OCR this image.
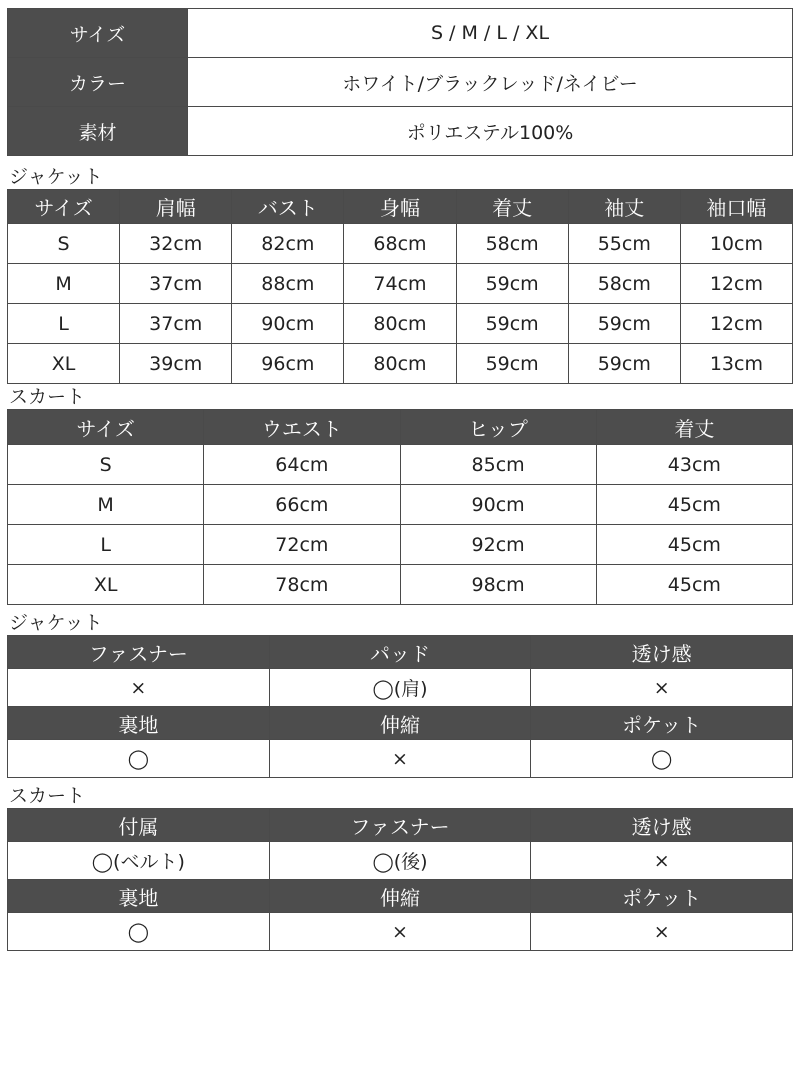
サイズ	S / M / L / XL
カラー	ホワイト/ブラックレッド/ネイビー
素材	ポリエステル100%
ジャケット
サイズ	肩幅	バスト	身幅	着丈	袖丈	袖口幅
S	32cm	82cm	68cm	58cm	55cm	10cm
M	37cm	88cm	74cm	59cm	58cm	12cm
L	37cm	90cm	80cm	59cm	59cm	12cm
XL	39cm	96cm	80cm	59cm	59cm	13cm
スカート
サイズ	ウエスト	ヒップ	着丈
S	64cm	85cm	43cm
M	66cm	90cm	45cm
L	72cm	92cm	45cm
XL	78cm	98cm	45cm
ジャケット
ファスナー	パッド	透け感
×	◯(肩)	×
裏地	伸縮	ポケット
◯	×	◯
スカート
付属	ファスナー	透け感
◯(ベルト)	◯(後)	×
裏地	伸縮	ポケット
◯	×	×
